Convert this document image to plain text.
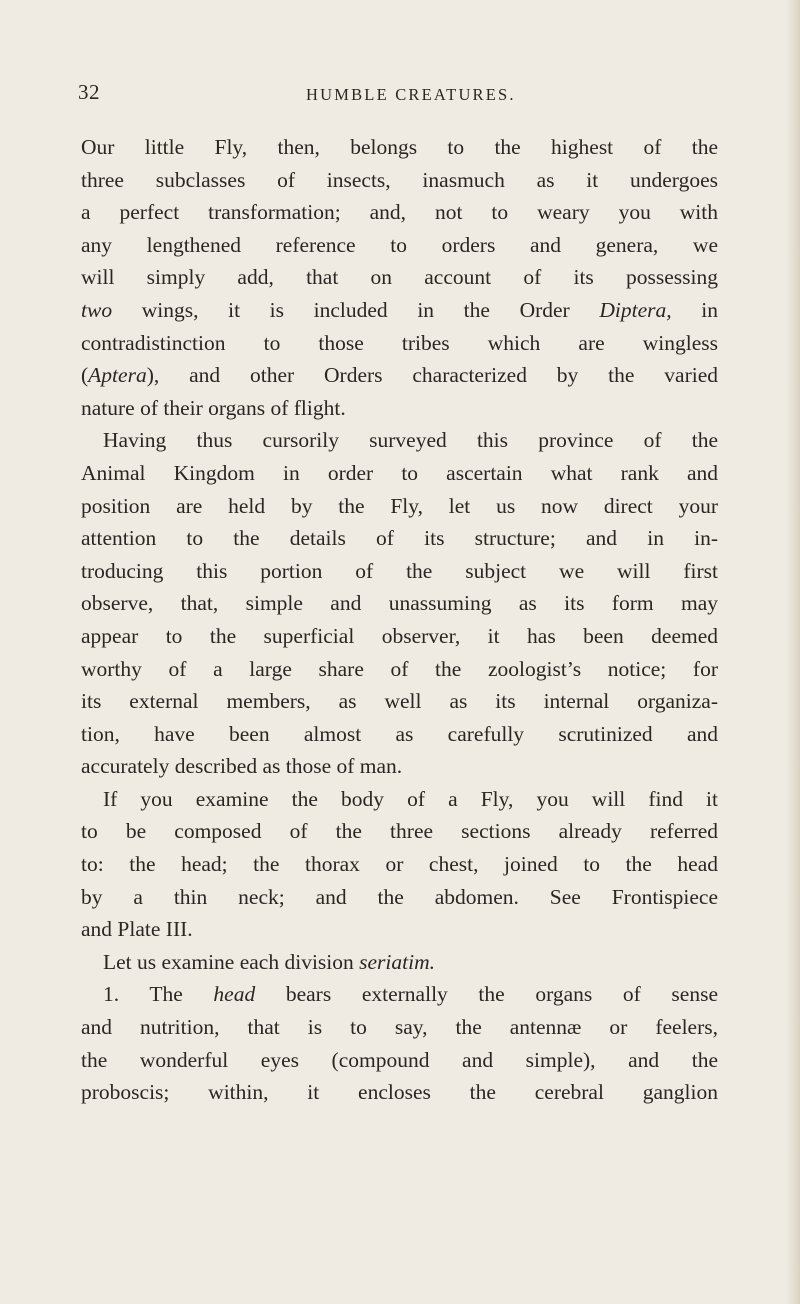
32	HUMBLE CREATURES.
Our little Fly, then, belongs to the highest of the
three subclasses of insects, inasmuch as it undergoes
a perfect transformation; and, not to weary you with
any lengthened reference to orders and genera, we
will simply add, that on account of its possessing
two wings, it is included in the Order Diptera, in
contradistinction to those tribes which are wingless
(Aptera), and other Orders characterized by the varied
nature of their organs of flight.
Having thus cursorily surveyed this province of the
Animal Kingdom in order to ascertain what rank and
position are held by the Fly, let us now direct your
attention to the details of its structure; and in in-
troducing this portion of the subject we will first
observe, that, simple and unassuming as its form may
appear to the superficial observer, it has been deemed
worthy of a large share of the zoologist’s notice; for
its external members, as well as its internal organiza-
tion, have been almost as carefully scrutinized and
accurately described as those of man.
If you examine the body of a Fly, you will find it
to be composed of the three sections already referred
to: the head; the thorax or chest, joined to the head
by a thin neck; and the abdomen. See Frontispiece
and Plate III.
Let us examine each division seriatim.
1. The head bears externally the organs of sense
and nutrition, that is to say, the antennæ or feelers,
the wonderful eyes (compound and simple), and the
proboscis; within, it encloses the cerebral ganglion
